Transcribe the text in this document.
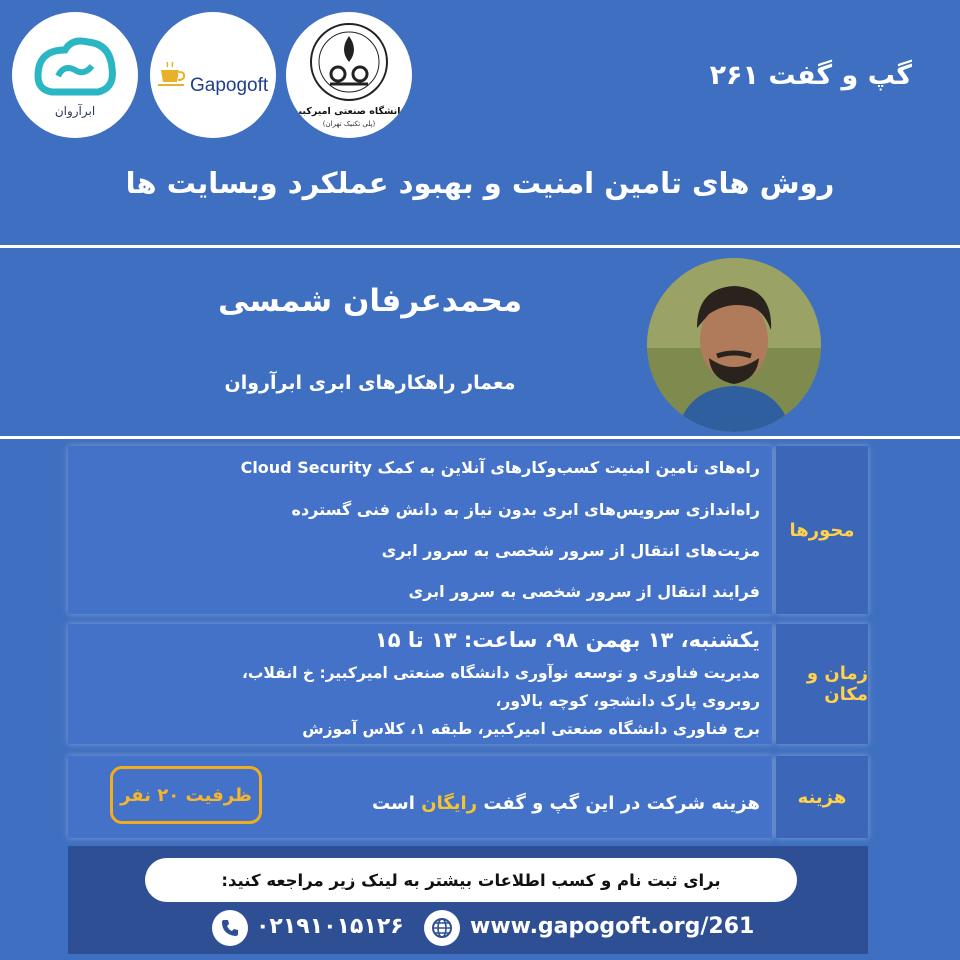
ابرآروان
Gapogoft
دانشگاه صنعتی امیرکبیر
(پلی تکنیک تهران)
گپ و گفت ۲۶۱
روش های تامین امنیت و بهبود عملکرد وبسایت ها
محمدعرفان شمسی
معمار راهکارهای ابری ابرآروان
محورها
راه‌های تامین امنیت کسب‌وکارهای آنلاین به کمک Cloud Security
راه‌اندازی سرویس‌های ابری بدون نیاز به دانش فنی گسترده
مزیت‌های انتقال از سرور شخصی به سرور ابری
فرایند انتقال از سرور شخصی به سرور ابری
زمان و مکان
یکشنبه، ۱۳ بهمن ۹۸، ساعت: ۱۳ تا ۱۵
مدیریت فناوری و توسعه نوآوری دانشگاه صنعتی امیرکبیر: خ انقلاب،
روبروی پارک دانشجو، کوچه بالاور،
برج فناوری دانشگاه صنعتی امیرکبیر، طبقه ۱، کلاس آموزش
هزینه
هزینه شرکت در این گپ و گفت رایگان است
ظرفیت ۲۰ نفر
برای ثبت نام و کسب اطلاعات بیشتر به لینک زیر مراجعه کنید:
۰۲۱۹۱۰۱۵۱۲۶	www.gapogoft.org/261
